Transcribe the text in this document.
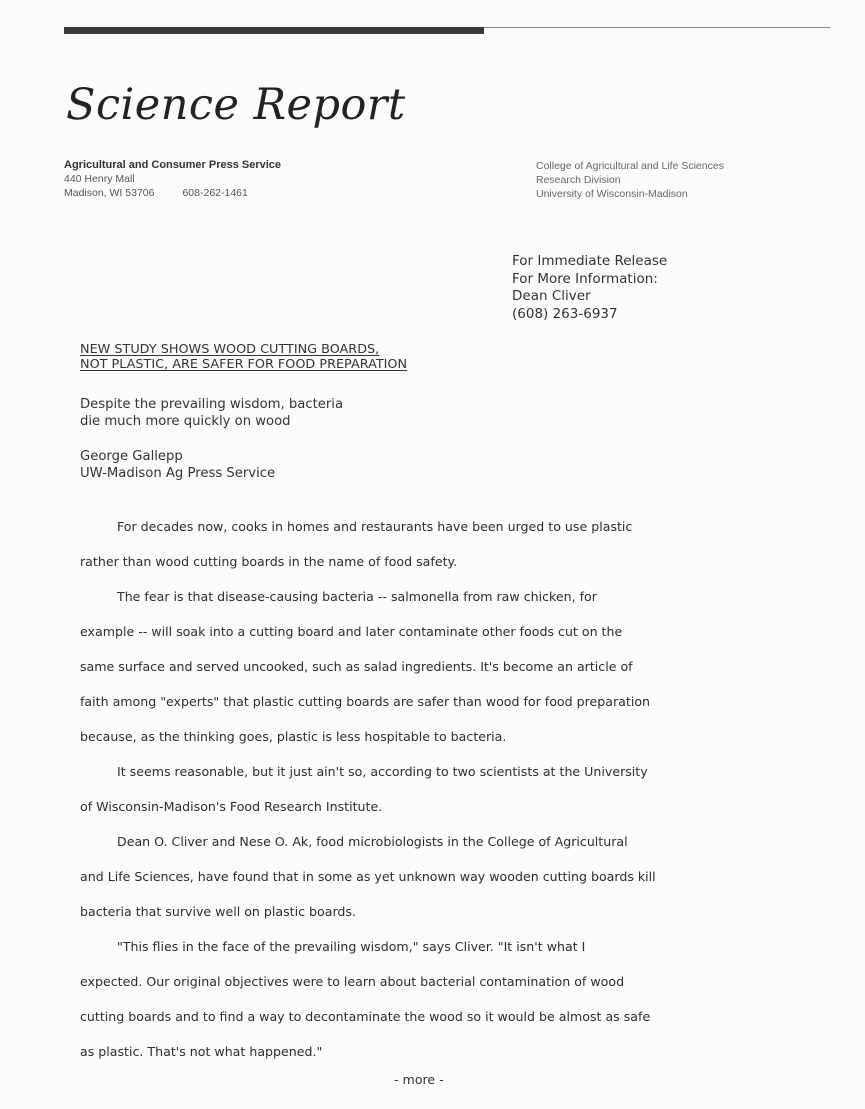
Science Report
Agricultural and Consumer Press Service
440 Henry Mall
Madison, WI 53706	608-262-1461
College of Agricultural and Life Sciences
Research Division
University of Wisconsin-Madison
For Immediate Release
For More Information:
Dean Cliver
(608) 263-6937
NEW STUDY SHOWS WOOD CUTTING BOARDS,
NOT PLASTIC, ARE SAFER FOR FOOD PREPARATION
Despite the prevailing wisdom, bacteria
die much more quickly on wood
George Gallepp
UW-Madison Ag Press Service
For decades now, cooks in homes and restaurants have been urged to use plastic
rather than wood cutting boards in the name of food safety.
The fear is that disease-causing bacteria -- salmonella from raw chicken, for
example -- will soak into a cutting board and later contaminate other foods cut on the
same surface and served uncooked, such as salad ingredients. It's become an article of
faith among "experts" that plastic cutting boards are safer than wood for food preparation
because, as the thinking goes, plastic is less hospitable to bacteria.
It seems reasonable, but it just ain't so, according to two scientists at the University
of Wisconsin-Madison's Food Research Institute.
Dean O. Cliver and Nese O. Ak, food microbiologists in the College of Agricultural
and Life Sciences, have found that in some as yet unknown way wooden cutting boards kill
bacteria that survive well on plastic boards.
"This flies in the face of the prevailing wisdom," says Cliver. "It isn't what I
expected. Our original objectives were to learn about bacterial contamination of wood
cutting boards and to find a way to decontaminate the wood so it would be almost as safe
as plastic. That's not what happened."
- more -
